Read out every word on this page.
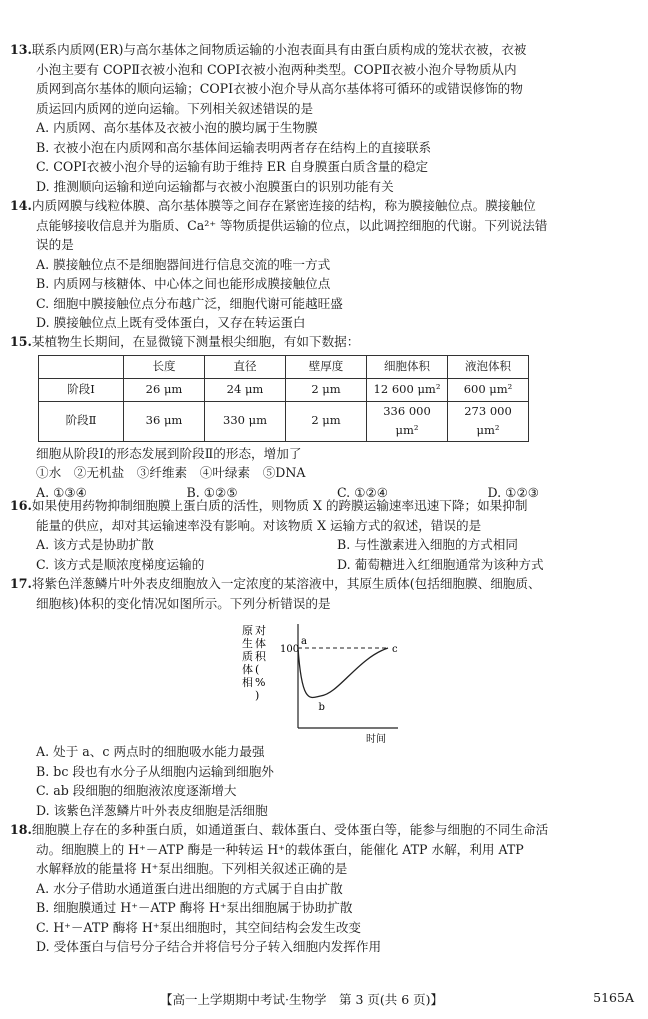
13.联系内质网(ER)与高尔基体之间物质运输的小泡表面具有由蛋白质构成的笼状衣被，衣被

小泡主要有 COPⅡ衣被小泡和 COPⅠ衣被小泡两种类型。COPⅡ衣被小泡介导物质从内

质网到高尔基体的顺向运输；COPⅠ衣被小泡介导从高尔基体将可循环的或错误修饰的物

质运回内质网的逆向运输。下列相关叙述错误的是

A. 内质网、高尔基体及衣被小泡的膜均属于生物膜

B. 衣被小泡在内质网和高尔基体间运输表明两者存在结构上的直接联系

C. COPⅠ衣被小泡介导的运输有助于维持 ER 自身膜蛋白质含量的稳定

D. 推测顺向运输和逆向运输都与衣被小泡膜蛋白的识别功能有关

14.内质网膜与线粒体膜、高尔基体膜等之间存在紧密连接的结构，称为膜接触位点。膜接触位

点能够接收信息并为脂质、Ca²⁺ 等物质提供运输的位点，以此调控细胞的代谢。下列说法错

误的是

A. 膜接触位点不是细胞器间进行信息交流的唯一方式

B. 内质网与核糖体、中心体之间也能形成膜接触位点

C. 细胞中膜接触位点分布越广泛，细胞代谢可能越旺盛

D. 膜接触位点上既有受体蛋白，又存在转运蛋白

15.某植物生长期间，在显微镜下测量根尖细胞，有如下数据：

	长度	直径	壁厚度	细胞体积	液泡体积
阶段Ⅰ	26 μm	24 μm	2 μm	12 600 μm²	600 μm²
阶段Ⅱ	36 μm	330 μm	2 μm	336 000 μm²	273 000 μm²

细胞从阶段Ⅰ的形态发展到阶段Ⅱ的形态，增加了

①水　②无机盐　③纤维素　④叶绿素　⑤DNA

A. ①③④	B. ①②⑤	C. ①②④	D. ①②③

16.如果使用药物抑制细胞膜上蛋白质的活性，则物质 X 的跨膜运输速率迅速下降；如果抑制

能量的供应，却对其运输速率没有影响。对该物质 X 运输方式的叙述，错误的是

A. 该方式是协助扩散	B. 与性激素进入细胞的方式相同
C. 该方式是顺浓度梯度运输的	D. 葡萄糖进入红细胞通常为该种方式

17.将紫色洋葱鳞片叶外表皮细胞放入一定浓度的某溶液中，其原生质体(包括细胞膜、细胞质、

细胞核)体积的变化情况如图所示。下列分析错误的是

原
生
质
体
相
对
体
积
(
%
)
100
a
b
c
时间

A. 处于 a、c 两点时的细胞吸水能力最强

B. bc 段也有水分子从细胞内运输到细胞外

C. ab 段细胞的细胞液浓度逐渐增大

D. 该紫色洋葱鳞片叶外表皮细胞是活细胞

18.细胞膜上存在的多种蛋白质，如通道蛋白、载体蛋白、受体蛋白等，能参与细胞的不同生命活

动。细胞膜上的 H⁺－ATP 酶是一种转运 H⁺的载体蛋白，能催化 ATP 水解，利用 ATP

水解释放的能量将 H⁺泵出细胞。下列相关叙述正确的是

A. 水分子借助水通道蛋白进出细胞的方式属于自由扩散

B. 细胞膜通过 H⁺－ATP 酶将 H⁺泵出细胞属于协助扩散

C. H⁺－ATP 酶将 H⁺泵出细胞时，其空间结构会发生改变

D. 受体蛋白与信号分子结合并将信号分子转入细胞内发挥作用

【高一上学期期中考试·生物学　第 3 页(共 6 页)】	5165A
